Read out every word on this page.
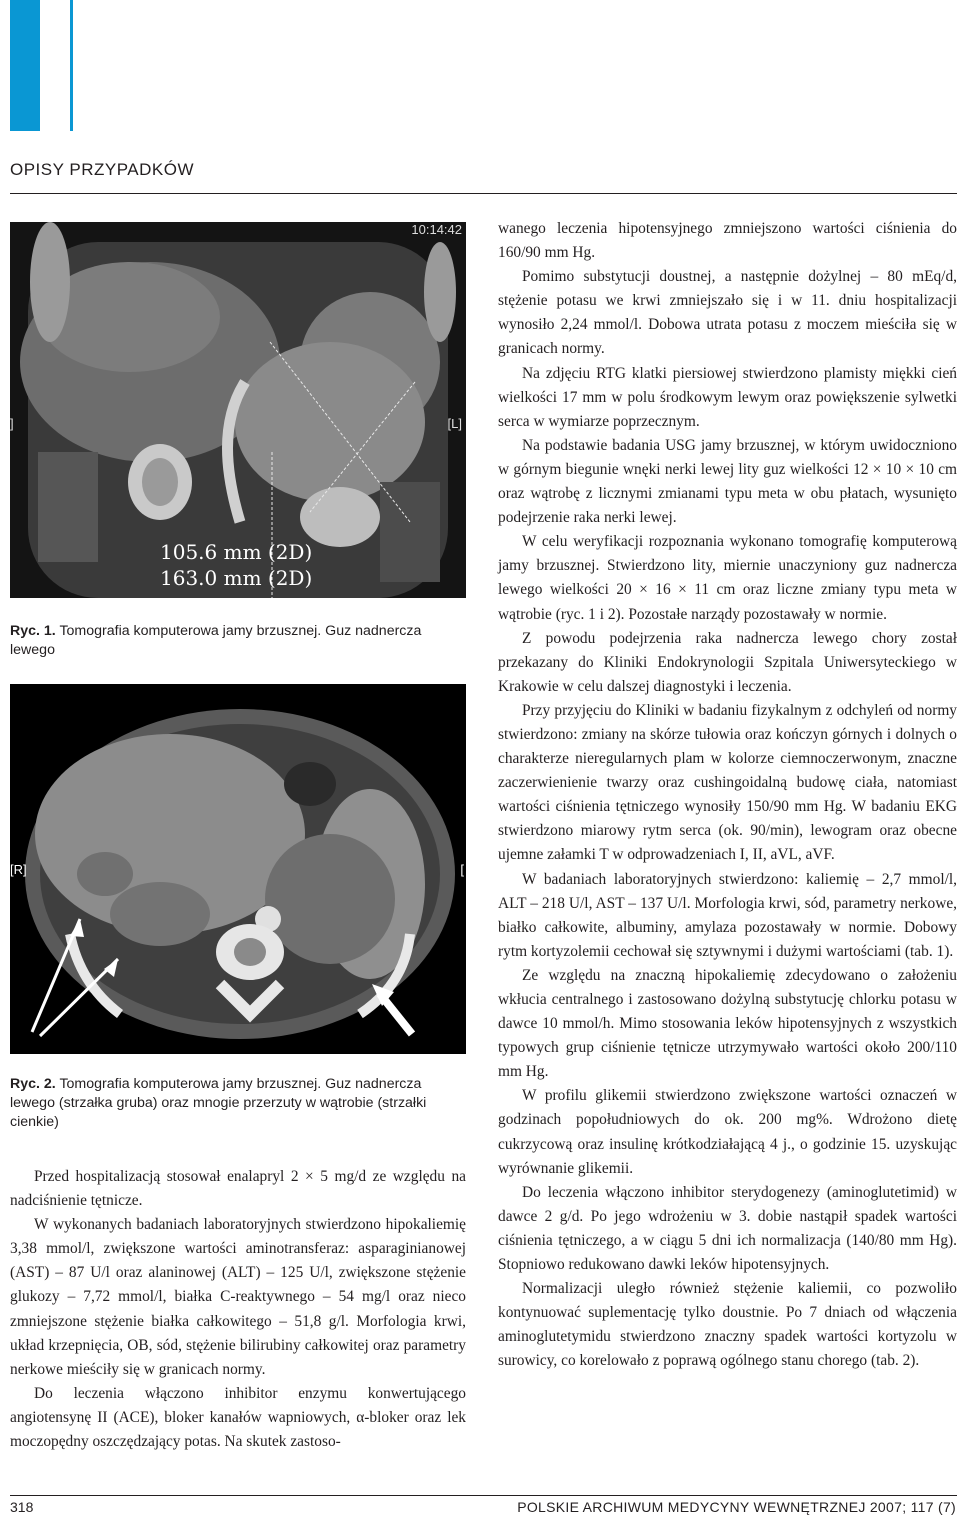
OPISY PRZYPADKÓW
10:14:42
]	[L]
105.6 mm (2D)
163.0 mm (2D)
Ryc. 1. Tomografia komputerowa jamy brzusznej. Guz nadnercza lewego
[R]	[
Ryc. 2. Tomografia komputerowa jamy brzusznej. Guz nadnercza lewego (strzałka gruba) oraz mnogie przerzuty w wątrobie (strzałki cienkie)

Przed hospitalizacją stosował enalapryl 2 × 5 mg/d ze względu na nadciśnienie tętnicze.

W wykonanych badaniach laboratoryjnych stwierdzono hipokaliemię 3,38 mmol/l, zwiększone wartości aminotransferaz: asparaginianowej (AST) – 87 U/l oraz alaninowej (ALT) – 125 U/l, zwiększone stężenie glukozy – 7,72 mmol/l, białka C-reaktywnego – 54 mg/l oraz nieco zmniejszone stężenie białka całkowitego – 51,8 g/l. Morfologia krwi, układ krzepnięcia, OB, sód, stężenie bilirubiny całkowitej oraz parametry nerkowe mieściły się w granicach normy.

Do leczenia włączono inhibitor enzymu konwertującego angiotensynę II (ACE), bloker kanałów wapniowych, α-bloker oraz lek moczopędny oszczędzający potas. Na skutek zastoso-

wanego leczenia hipotensyjnego zmniejszono wartości ciśnienia do 160/90 mm Hg.

Pomimo substytucji doustnej, a następnie dożylnej – 80 mEq/d, stężenie potasu we krwi zmniejszało się i w 11. dniu hospitalizacji wynosiło 2,24 mmol/l. Dobowa utrata potasu z moczem mieściła się w granicach normy.

Na zdjęciu RTG klatki piersiowej stwierdzono plamisty miękki cień wielkości 17 mm w polu środkowym lewym oraz powiększenie sylwetki serca w wymiarze poprzecznym.

Na podstawie badania USG jamy brzusznej, w którym uwidoczniono w górnym biegunie wnęki nerki lewej lity guz wielkości 12 × 10 × 10 cm oraz wątrobę z licznymi zmianami typu meta w obu płatach, wysunięto podejrzenie raka nerki lewej.

W celu weryfikacji rozpoznania wykonano tomografię komputerową jamy brzusznej. Stwierdzono lity, miernie unaczyniony guz nadnercza lewego wielkości 20 × 16 × 11 cm oraz liczne zmiany typu meta w wątrobie (ryc. 1 i 2). Pozostałe narządy pozostawały w normie.

Z powodu podejrzenia raka nadnercza lewego chory został przekazany do Kliniki Endokrynologii Szpitala Uniwersyteckiego w Krakowie w celu dalszej diagnostyki i leczenia.

Przy przyjęciu do Kliniki w badaniu fizykalnym z odchyleń od normy stwierdzono: zmiany na skórze tułowia oraz kończyn górnych i dolnych o charakterze nieregularnych plam w kolorze ciemnoczerwonym, znaczne zaczerwienienie twarzy oraz cushingoidalną budowę ciała, natomiast wartości ciśnienia tętniczego wynosiły 150/90 mm Hg. W badaniu EKG stwierdzono miarowy rytm serca (ok. 90/min), lewogram oraz obecne ujemne załamki T w odprowadzeniach I, II, aVL, aVF.

W badaniach laboratoryjnych stwierdzono: kaliemię – 2,7 mmol/l, ALT – 218 U/l, AST – 137 U/l. Morfologia krwi, sód, parametry nerkowe, białko całkowite, albuminy, amylaza pozostawały w normie. Dobowy rytm kortyzolemii cechował się sztywnymi i dużymi wartościami (tab. 1).

Ze względu na znaczną hipokaliemię zdecydowano o założeniu wkłucia centralnego i zastosowano dożylną substytucję chlorku potasu w dawce 10 mmol/h. Mimo stosowania leków hipotensyjnych z wszystkich typowych grup ciśnienie tętnicze utrzymywało wartości około 200/110 mm Hg.

W profilu glikemii stwierdzono zwiększone wartości oznaczeń w godzinach popołudniowych do ok. 200 mg%. Wdrożono dietę cukrzycową oraz insulinę krótkodziałającą 4 j., o godzinie 15. uzyskując wyrównanie glikemii.

Do leczenia włączono inhibitor sterydogenezy (aminoglutetimid) w dawce 2 g/d. Po jego wdrożeniu w 3. dobie nastąpił spadek wartości ciśnienia tętniczego, a w ciągu 5 dni ich normalizacja (140/80 mm Hg). Stopniowo redukowano dawki leków hipotensyjnych.

Normalizacji uległo również stężenie kaliemii, co pozwoliło kontynuować suplementację tylko doustnie. Po 7 dniach od włączenia aminoglutetymidu stwierdzono znaczny spadek wartości kortyzolu w surowicy, co korelowało z poprawą ogólnego stanu chorego (tab. 2).

318	POLSKIE ARCHIWUM MEDYCYNY WEWNĘTRZNEJ 2007; 117 (7)
